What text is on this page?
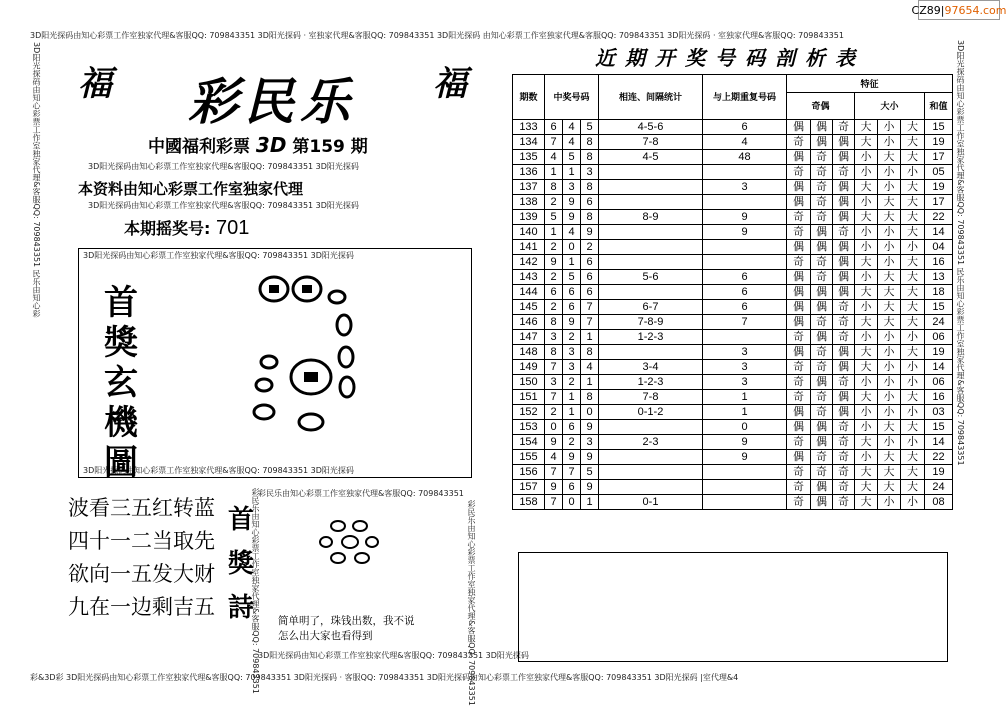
CZ89 | 97654.com
3D阳光探码由知心彩票工作室独家代理&客服QQ: 709843351 3D阳光探码 · 室独家代理&客服QQ: 709843351 3D阳光探码 由知心彩票工作室独家代理&客服QQ: 709843351 3D阳光探码 · 室独家代理&客服QQ: 709843351
彩&3D彩 3D阳光探码由知心彩票工作室独家代理&客服QQ: 709843351 3D阳光探码 · 客服QQ: 709843351 3D阳光探码由知心彩票工作室独家代理&客服QQ: 709843351 3D阳光探码 |室代理&4
3D阳光探码由知心彩票工作室独家代理&客服QQ: 709843351 民乐由知心彩	3D阳光探码由知心彩票工作室独家代理&客服QQ: 709843351 民乐由知心彩票工作室独家代理&客服QQ: 709843351
福	福
彩民乐
中國福利彩票 3D 第159 期
3D阳光探码由知心彩票工作室独家代理&客服QQ: 709843351 3D阳光探码
本资料由知心彩票工作室独家代理
3D阳光探码由知心彩票工作室独家代理&客服QQ: 709843351 3D阳光探码
本期摇奖号: 701
3D阳光探码由知心彩票工作室独家代理&客服QQ: 709843351 3D阳光探码
3D阳光探码由知心彩票工作室独家代理&客服QQ: 709843351 3D阳光探码
首獎玄機圖
波看三五红转蓝
四十一二当取先
欲向一五发大财
九在一边剩吉五
首獎詩
彩民乐由知心彩票工作室独家代理&客服QQ: 709843351
彩民乐由知心彩票工作室独家代理&客服QQ: 709843351
彩民乐由知心彩票工作室独家代理&客服QQ: 709843351
3D阳光探码由知心彩票工作室独家代理&客服QQ: 709843351 3D阳光探码
简单明了，珠钱出数，我不说
怎么出大家也看得到
近期开奖号码剖析表
期数	中奖号码			相连、间隔统计	与上期重复号码	特征						
						奇偶			大小			和值
133	6	4	5	4-5-6	6	偶	偶	奇	大	小	大	15
134	7	4	8	7-8	4	奇	偶	偶	大	小	大	19
135	4	5	8	4-5	48	偶	奇	偶	小	大	大	17
136	1	1	3			奇	奇	奇	小	小	小	05
137	8	3	8		3	偶	奇	偶	大	小	大	19
138	2	9	6			偶	奇	偶	小	大	大	17
139	5	9	8	8-9	9	奇	奇	偶	大	大	大	22
140	1	4	9		9	奇	偶	奇	小	小	大	14
141	2	0	2			偶	偶	偶	小	小	小	04
142	9	1	6			奇	奇	偶	大	小	大	16
143	2	5	6	5-6	6	偶	奇	偶	小	大	大	13
144	6	6	6		6	偶	偶	偶	大	大	大	18
145	2	6	7	6-7	6	偶	偶	奇	小	大	大	15
146	8	9	7	7-8-9	7	偶	奇	奇	大	大	大	24
147	3	2	1	1-2-3		奇	偶	奇	小	小	小	06
148	8	3	8		3	偶	奇	偶	大	小	大	19
149	7	3	4	3-4	3	奇	奇	偶	大	小	小	14
150	3	2	1	1-2-3	3	奇	偶	奇	小	小	小	06
151	7	1	8	7-8	1	奇	奇	偶	大	小	大	16
152	2	1	0	0-1-2	1	偶	奇	偶	小	小	小	03
153	0	6	9		0	偶	偶	奇	小	大	大	15
154	9	2	3	2-3	9	奇	偶	奇	大	小	小	14
155	4	9	9		9	偶	奇	奇	小	大	大	22
156	7	7	5			奇	奇	奇	大	大	大	19
157	9	6	9			奇	偶	奇	大	大	大	24
158	7	0	1	0-1		奇	偶	奇	大	小	小	08
